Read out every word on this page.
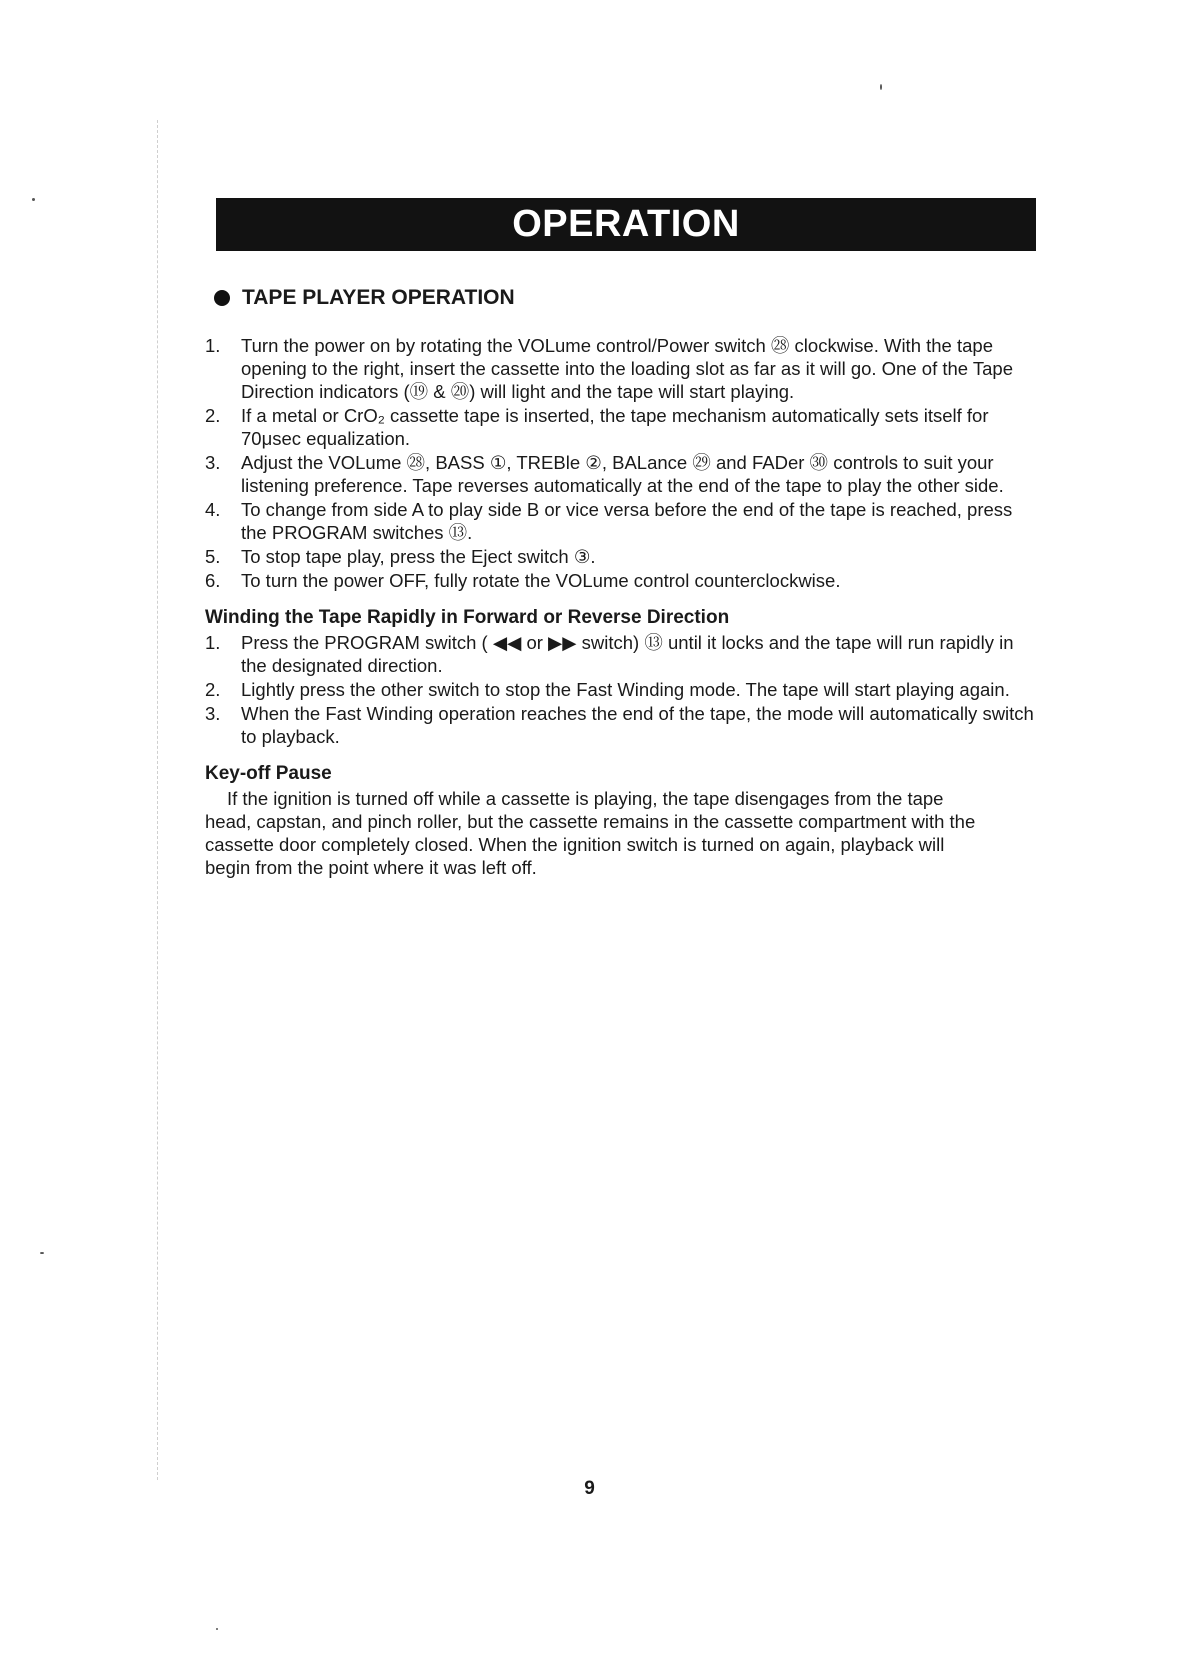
OPERATION
TAPE PLAYER OPERATION
1.	Turn the power on by rotating the VOLume control/Power switch ㉘ clockwise. With the tape opening to the right, insert the cassette into the loading slot as far as it will go. One of the Tape Direction indicators (⑲ & ⑳) will light and the tape will start playing.
2.	If a metal or CrO₂ cassette tape is inserted, the tape mechanism automatically sets itself for 70μsec equalization.
3.	Adjust the VOLume ㉘, BASS ①, TREBle ②, BALance ㉙ and FADer ㉚ controls to suit your listening preference. Tape reverses automatically at the end of the tape to play the other side.
4.	To change from side A to play side B or vice versa before the end of the tape is reached, press the PROGRAM switches ⑬.
5.	To stop tape play, press the Eject switch ③.
6.	To turn the power OFF, fully rotate the VOLume control counterclockwise.
Winding the Tape Rapidly in Forward or Reverse Direction
1.	Press the PROGRAM switch ( ◀◀ or ▶▶ switch) ⑬ until it locks and the tape will run rapidly in the designated direction.
2.	Lightly press the other switch to stop the Fast Winding mode. The tape will start playing again.
3.	When the Fast Winding operation reaches the end of the tape, the mode will automatically switch to playback.
Key-off Pause

If the ignition is turned off while a cassette is playing, the tape disengages from the tape head, capstan, and pinch roller, but the cassette remains in the cassette compartment with the cassette door completely closed. When the ignition switch is turned on again, playback will begin from the point where it was left off.

9
